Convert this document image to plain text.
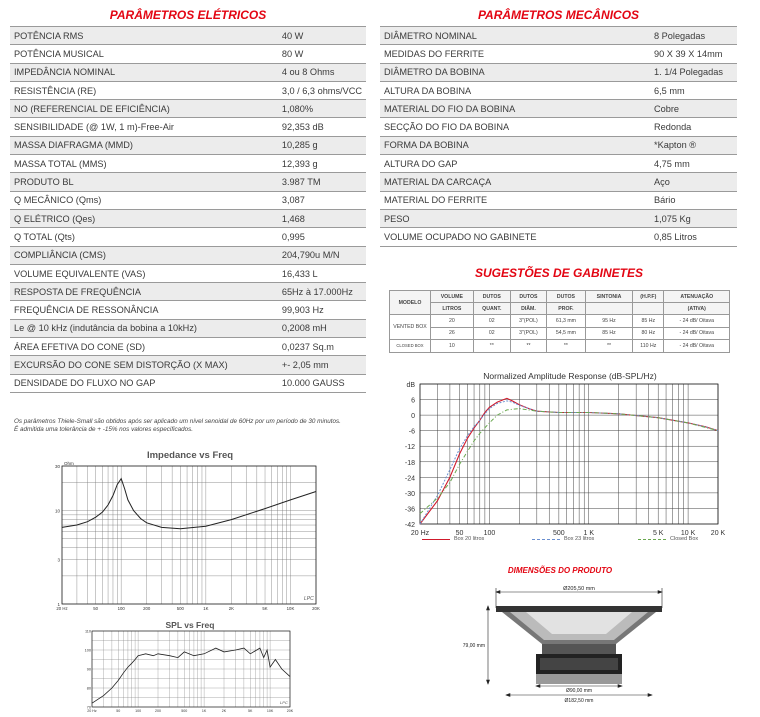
PARÂMETROS ELÉTRICOS
POTÊNCIA RMS	40 W
POTÊNCIA MUSICAL	80 W
IMPEDÂNCIA NOMINAL	4 ou 8 Ohms
RESISTÊNCIA (RE)	3,0 / 6,3 ohms/VCC
NO (REFERENCIAL DE EFICIÊNCIA)	1,080%
SENSIBILIDADE (@ 1W, 1 m)-Free-Air	92,353 dB
MASSA DIAFRAGMA (MMD)	10,285 g
MASSA TOTAL (MMS)	12,393 g
PRODUTO BL	3.987 TM
Q MECÂNICO (Qms)	3,087
Q ELÉTRICO (Qes)	1,468
Q TOTAL (Qts)	0,995
COMPLIÂNCIA (CMS)	204,790u M/N
VOLUME EQUIVALENTE (VAS)	16,433 L
RESPOSTA DE FREQUÊNCIA	65Hz à 17.000Hz
FREQUÊNCIA DE RESSONÂNCIA	99,903 Hz
Le @ 10 kHz (indutância da bobina a 10kHz)	0,2008 mH
ÁREA EFETIVA DO CONE (SD)	0,0237 Sq.m
EXCURSÃO DO CONE SEM DISTORÇÃO (X MAX)	+- 2,05 mm
DENSIDADE DO FLUXO NO GAP	10.000 GAUSS
Os parâmetros Thiele-Small são obtidos após ser aplicado um nível senoidal de 60Hz por um período de 30 minutos.
É admitida uma tolerância de + -15% nos valores especificados.
PARÂMETROS MECÂNICOS
DIÂMETRO NOMINAL	8 Polegadas
MEDIDAS DO FERRITE	90 X 39 X 14mm
DIÂMETRO DA BOBINA	1. 1/4 Polegadas
ALTURA DA BOBINA	6,5 mm
MATERIAL DO FIO DA BOBINA	Cobre
SECÇÃO DO FIO DA BOBINA	Redonda
FORMA DA BOBINA	*Kapton ®
ALTURA DO GAP	4,75 mm
MATERIAL DA CARCAÇA	Aço
MATERIAL DO FERRITE	Bário
PESO	1,075 Kg
VOLUME OCUPADO NO GABINETE	0,85 Litros
SUGESTÕES DE GABINETES
MODELO	VOLUME	DUTOS	DUTOS	DUTOS	SINTONIA	(H.P.F)	ATENUAÇÃO
	LITROS	QUANT.	DIÂM.	PROF.			(ATIVA)
VENTED BOX	20	02	3"(POL)	61,3 mm	95 Hz	85 Hz	- 24 dB/ Oitava
	26	02	3"(POL)	54,5 mm	85 Hz	80 Hz	- 24 dB/ Oitava
CLOSED BOX	10	**	**	**	**	110 Hz	- 24 dB/ Oitava
Normalized Amplitude Response (dB-SPL/Hz)
dB
6
0
-6
-12
-18
-24
-30
-36
-42
20 Hz	50	100	500	1 K	5 K 10 K 20 K
Box 20 litros	Box 23 litros	Closed Box
Impedance vs Freq
Ohm
30
10
3
1
20 Hz	50	100	200	500	1K	2K	5K	10K	20K
LPC
SPL vs Freq
110
100
90
80
70
20 Hz	50	100	200	500	1K	2K	5K	10K	20K
LPC
DIMENSÕES DO PRODUTO
Ø205,50 mm
79,00 mm
Ø90,00 mm
Ø182,50 mm
